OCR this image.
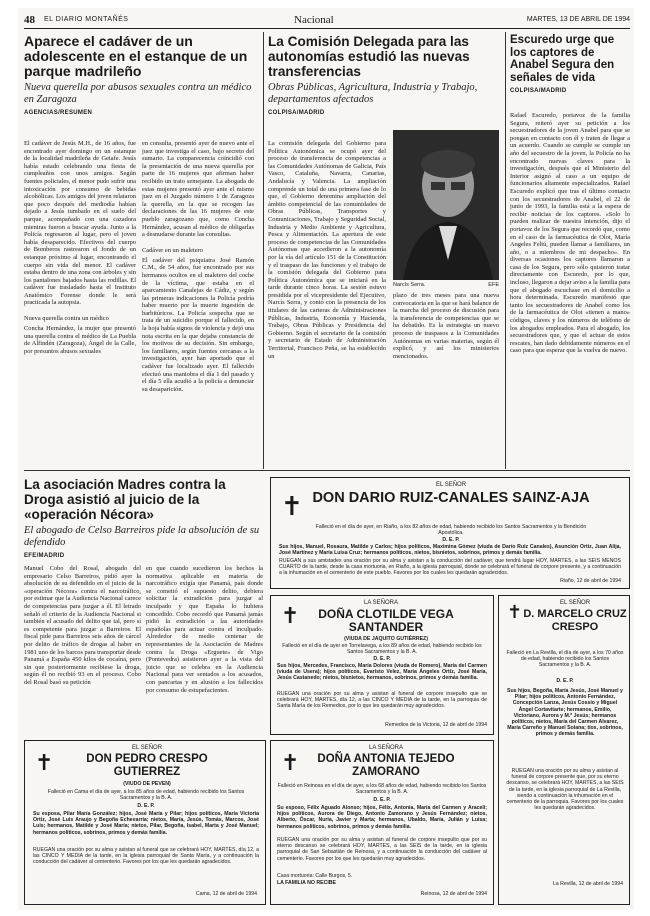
48 EL DIARIO MONTAÑÉS	Nacional	MARTES, 13 DE ABRIL DE 1994
Aparece el cadáver de un adolescente en el estanque de un parque madrileño

Nueva querella por abusos sexuales contra un médico en Zaragoza

AGENCIAS/RESUMEN

El cadáver de Jesús M.H., de 16 años, fue encontrado ayer domingo en un estanque de la localidad madrileña de Getafe. Jesús había estado celebrando una fiesta de cumpleaños con unos amigos. Según fuentes policiales, el menor pudo sufrir una intoxicación por consumo de bebidas alcohólicas. Los amigos del joven relataron que poco después del mediodía habían dejado a Jesús tumbado en el suelo del parque, acompañado con una cazadora mientras fueron a buscar ayuda. Junto a la Policía regresaron al lugar, pero el joven había desaparecido. Efectivos del cuerpo de Bomberos rastrearon el fondo de un estanque próximo al lugar, encontrando el cuerpo sin vida del menor. El cadáver estaba dentro de una zona con árboles y sin los pantalones bajados hasta las rodillas. El cadáver fue trasladado hasta el Instituto Anatómico Forense donde le será practicada la autopsia.

Nueva querella contra un médico

Concha Hernández, la mujer que presentó una querella contra el médico de La Puebla de Alfindén (Zaragoza), Ángel de la Calle, por presuntos abusos sexuales

en consulta, presentó ayer de nuevo ante el juez que investiga el caso, bajo secreto del sumario. La comparecencia coincidió con la presentación de una nueva querella por parte de 16 mujeres que afirman haber recibido un trato semejante. La abogada de estas mujeres presentó ayer ante el mismo juez en el Juzgado número 1 de Zaragoza la querella, en la que se recogen las declaraciones de las 16 mujeres de este pueblo zaragozano que, como Concha Hernández, acusan al médico de obligarlas a desnudarse durante las consultas.

Cadáver en un maletero

El cadáver del psiquiatra José Ramón C.M., de 54 años, fue encontrado por sus hermanos ocultos en el maletero del coche de la víctima, que estaba en el aparcamiento Canalejas de Cádiz, y según las primeras indicaciones la Policía podría haber muerto por la muerte ingestión de barbitúricos. La Policía sospecha que se trata de un suicidio porque el fallecido, en la hoja había signos de violencia y dejó una nota escrita en la que dejaba constancia de los motivos de su decisión. Sin embargo, los familiares, según fuentes cercanas a la investigación, ayer han aportado que el cadáver fue localizado ayer. El fallecido efectuó una maniobra el día 1 del pasado y el día 5 ella acudió a la policía a denunciar su desaparición.

La Comisión Delegada para las autonomías estudió las nuevas transferencias

Obras Públicas, Agricultura, Industria y Trabajo, departamentos afectados

COLPISA/MADRID

La comisión delegada del Gobierno para Política Autonómica se ocupó ayer del proceso de transferencia de competencias a las Comunidades Autónomas de Galicia, País Vasco, Cataluña, Navarra, Canarias, Andalucía y Valencia. La ampliación comprende un total de una primera fase de lo que, el Gobierno denomina ampliación del ámbito competencial de las comunidades de Obras Públicas, Transportes y Comunicaciones, Trabajo y Seguridad Social, Industria y Medio Ambiente y Agricultura, Pesca y Alimentación. La apertura de este proceso de competencias de las Comunidades Autónomas que accedieron a la autonomía por la vía del artículo 151 de la Constitución y el traspaso de las funciones y el trabajo de la comisión delegada del Gobierno para Política Autonómica que se iniciará en la tarde durante cinco horas. La sesión estuvo presidida por el vicepresidente del Ejecutivo, Narcís Serra, y contó con la presencia de los titulares de las carteras de Administraciones Públicas, Industria, Economía y Hacienda, Trabajo, Obras Públicas y Presidencia del Gobierno. Según el secretario de la comisión y secretario de Estado de Administración Territorial, Francisco Peña, se ha establecido un

Narcís Serra.	EFE

plazo de tres meses para una nueva convocatoria en la que se hará balance de la marcha del proceso de discusión para la transferencia de competencias que se ha debatido. Es la estrategia un nuevo proceso de traspasos a la Comunidades Autónomas en varias materias, según él explicó, y así los ministerios mencionados.

Escuredo urge que los captores de Anabel Segura den señales de vida
COLPISA/MADRID

Rafael Escuredo, portavoz de la familia Segura, reiteró ayer su petición a los secuestradores de la joven Anabel para que se pongan en contacto con él y traten de llegar a un acuerdo. Cuando se cumple se cumple un año del secuestro de la joven, la Policía no ha encontrado nuevas claves para la investigación, después que el Ministerio del Interior asignó al caso a un equipo de funcionarios altamente especializados. Rafael Escuredo explicó que tras el último contacto con los secuestradores de Anabel, el 22 de junio de 1993, la familia está a la espera de recibir noticias de los captores. «Solo lo pueden realizar de nuestra intención, dijo el portavoz de los Segura que recordó que, como en el caso de la farmacéutica de Olot, María Angeles Feliú, pueden llamar a familiares, un año, o a miembros de mi despacho». En diversas ocasiones los captores llamaron a casa de los Segura, pero sólo quisieron tratar directamente con Escuredo, por lo que, incluso, llegaron a dejar aviso a la familia para que el abogado escuchase en el domicilio a hora determinada. Escuredo manifestó que tanto los secuestradores de Anabel como los de la farmacéutica de Olot «tienen a mano» códigos, claves y los números de teléfono de los abogados empleados. Para el abogado, los secuestradores que, y que el actuar de estos rescates, han dado debidamente números en el caso para que esperar que la vuelva de nuevo.

La asociación Madres contra la Droga asistió al juicio de la «operación Nécora»

El abogado de Celso Barreiros pide la absolución de su defendido

EFE/MADRID

Manuel Cobo del Rosal, abogado del empresario Celso Barreiros, pidió ayer la absolución de su defendido en el juicio de la «operación Nécora» contra el narcotráfico, por estimar que la Audiencia Nacional carece de competencias para juzgar a él. El letrado señaló el criterio de la Audiencia Nacional si también el acusado del delito que tal, pero sí es competente para juzgar a Barreiros. El fiscal pide para Barreiros seis años de cárcel por delito de tráfico de drogas al haber en 1981 uno de los barcos para transportar desde Panamá a España 450 kilos de cocaína, pero sin que posteriormente recibiese la droga, según él no recibió 93 en el proceso. Cobo del Rosal basó su petición

en que cuando sucedieron los hechos la normativa aplicable en materia de narcotráfico exigía que Panamá, país donde se cometió el supuesto delito, debiera solicitar la extradición para juzgar al inculpado y que España lo hubiera concedido. Cobo recordó que Panamá jamás pidió la extradición a las autoridades españolas para actuar contra el inculpado. Alrededor de medio centenar de representantes de la Asociación de Madres contra la Droga «Erguete» de Vigo (Pontevedra) asistieron ayer a la vista del juicio que se celebra en la Audiencia Nacional para ver sentados a los acusados, con pancartas y en alusión a los fallecidos por consumo de estupefacientes.

✝
EL SEÑOR
DON DARIO RUIZ-CANALES SAINZ-AJA
Falleció en el día de ayer, en Riaño, a los 82 años de edad, habiendo recibido los Santos Sacramentos y la Bendición Apostólica.
D. E. P.
Sus hijos, Manuel, Rosaura, Matilde y Carlos; hijos políticos, Maximina Gómez (viuda de Darío Ruiz Canales), Asunción Ortiz, Juan Alija, José Martínez y María Luisa Cruz; hermanos políticos, nietos, bisnietos, sobrinos, primos y demás familia.
RUEGAN a sus amistades una oración por su alma y asistan a la conducción del cadáver, que tendrá lugar HOY, MARTES, a las SEIS MENOS CUARTO de la tarde, desde la casa mortuoria, en Riaño, a la iglesia parroquial, donde se celebrará el funeral de corpore presente, y a continuación a la inhumación en el cementerio de este pueblo. Favores por los cuales les quedarán agradecidos.
Riaño, 12 de abril de 1994
✝
LA SEÑORA
DOÑA CLOTILDE VEGA SANTANDER
(VIUDA DE JAQUITO GUTIÉRREZ)
Falleció en el día de ayer en Torrelavega, a los 89 años de edad, habiendo recibido los Santos Sacramentos y la B. A.
D. E. P.
Sus hijos, Mercedes, Francisco, María Dolores (viuda de Romero), María del Carmen (viuda de Usera); hijos políticos, Evaristo Velez, María Ángeles Ortiz, José María, Jesús Castanedo; nietos, bisnietos, hermanos, sobrinos, primos y demás familia.
RUEGAN una oración por su alma y asistan al funeral de corpore insepulto que se celebrará HOY, MARTES, día 12, a las CINCO Y MEDIA de la tarde, en la parroquia de Santa María de los Remedios, por lo que les quedarán muy agradecidos.
Remedios de la Victoria, 12 de abril de 1994
✝	EL SEÑOR
D. MARCELO CRUZ CRESPO
Falleció en La Revilla, el día de ayer, a los 70 años de edad, habiendo recibido los Santos Sacramentos y la B. A.
D. E. P.
Sus hijos, Begoña, María Jesús, José Manuel y Pilar; hijos políticos, Antonio Fernández, Concepción Lanza, Jesús Cossío y Miguel Ángel Cortavitarte; hermanos, Emilio, Victoriano, Aurora y M.ª Jesús; hermanos políticos, nietos, María del Carmen Alvarez, María Carreño y Manuel Solana; tíos, sobrinos, primos y demás familia.
RUEGAN una oración por su alma y asistan al funeral de corpore presente que, por su eterno descanso, se celebrará HOY, MARTES, a las SEIS de la tarde, en la iglesia parroquial de La Revilla, siendo a continuación la inhumación en el cementerio de la parroquia. Favores por los cuales les quedarán agradecidos.
La Revilla, 12 de abril de 1994
✝
EL SEÑOR
DON PEDRO CRESPO GUTIERREZ
(VIUDO DE PEVEN)
Falleció en Cama el día de ayer, a los 85 años de edad, habiendo recibido los Santos Sacramentos y la B. A.
D. E. P.
Su esposa, Pilar María González; hijos, José María y Pilar; hijos políticos, María Victoria Ortiz, José Luis Araujo y Begoña Echevarría; nietos, María, Jesús, Tomás, Marcos, José Luis; hermanos, Matilde y José María; nietos, Pilar, Begoña, Isabel, Marta y José Manuel; hermanos políticos, sobrinos, primos y demás familia.
RUEGAN una oración por su alma y asistan al funeral que se celebrará HOY, MARTES, día 12, a las CINCO Y MEDIA de la tarde, en la iglesia parroquial de Santa María, y a continuación la conducción del cadáver al cementerio. Favores por los que les quedarán agradecidos.
Cama, 12 de abril de 1994
✝
LA SEÑORA
DOÑA ANTONIA TEJEDO ZAMORANO
Falleció en Reinosa en el día de ayer, a los 68 años de edad, habiendo recibido los Santos Sacramentos y la B. A.
D. E. P.
Su esposo, Félix Aguado Alonso; hijos, Félix, Antonia, María del Carmen y Araceli; hijos políticos, Aurora de Diego, Antonio Zamorano y Jesús Fernández; nietos, Alberto, Óscar, Nuria, Javier y Marta; hermanos, Ubaldo, María, Julián y Luisa; hermanos políticos, sobrinos, primos y demás familia.
RUEGAN una oración por su alma y asistan al funeral de corpore insepulto que por su eterno descanso se celebrará HOY, MARTES, a las SEIS de la tarde, en la iglesia parroquial de San Sebastián de Reinosa, y a continuación la conducción del cadáver al cementerio. Favores por los que les quedarán muy agradecidos.
Casa mortuoria: Calle Burgos, 5.
LA FAMILIA NO RECIBE
Reinosa, 12 de abril de 1994
